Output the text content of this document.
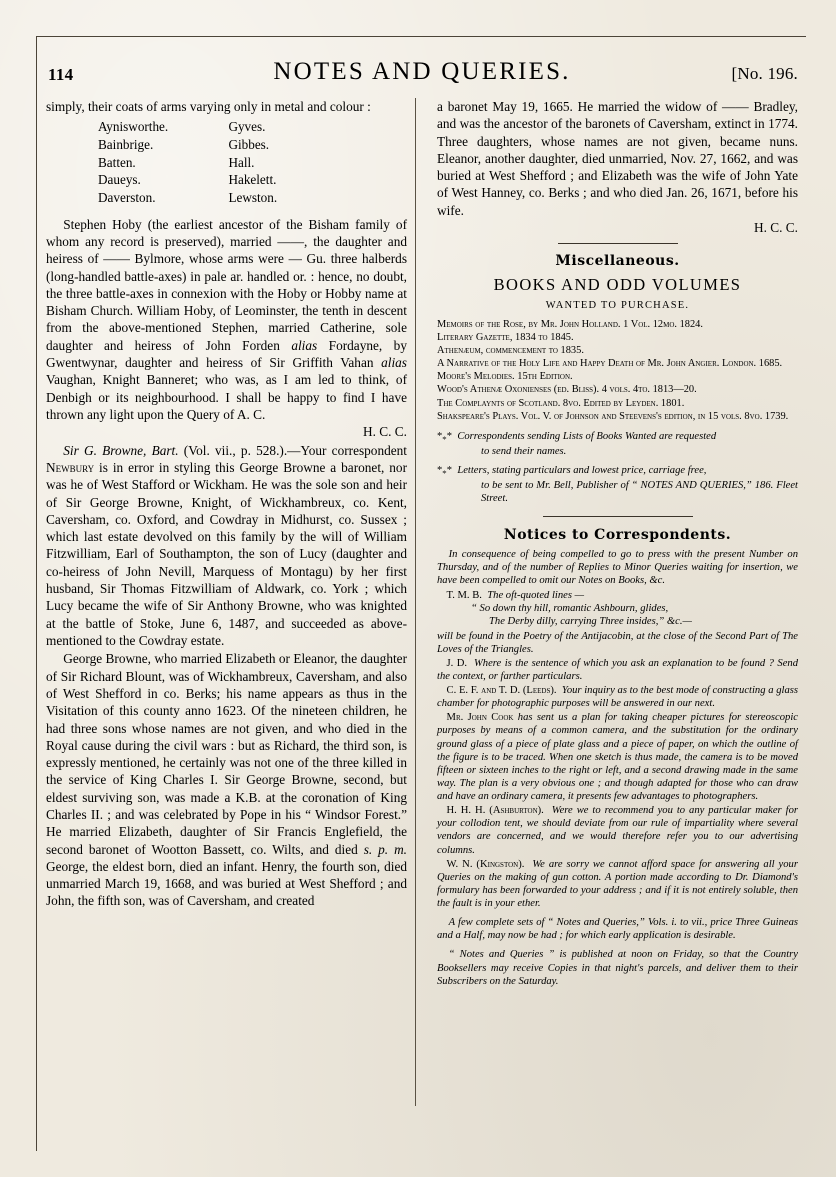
114	NOTES AND QUERIES.	[No. 196.

simply, their coats of arms varying only in metal and colour :

Aynisworthe.	Gyves.
Bainbrige.	Gibbes.
Batten.	Hall.
Daueys.	Hakelett.
Daverston.	Lewston.

Stephen Hoby (the earliest ancestor of the Bisham family of whom any record is preserved), married ——, the daughter and heiress of —— Bylmore, whose arms were — Gu. three halberds (long-handled battle-axes) in pale ar. handled or. : hence, no doubt, the three battle-axes in connexion with the Hoby or Hobby name at Bisham Church. William Hoby, of Leominster, the tenth in descent from the above-mentioned Stephen, married Catherine, sole daughter and heiress of John Forden alias Fordayne, by Gwentwynar, daughter and heiress of Sir Griffith Vahan alias Vaughan, Knight Banneret; who was, as I am led to think, of Denbigh or its neighbourhood. I shall be happy to find I have thrown any light upon the Query of A. C.
H. C. C.

Sir G. Browne, Bart. (Vol. vii., p. 528.).—Your correspondent Newbury is in error in styling this George Browne a baronet, nor was he of West Stafford or Wickham. He was the sole son and heir of Sir George Browne, Knight, of Wickhambreux, co. Kent, Caversham, co. Oxford, and Cowdray in Midhurst, co. Sussex ; which last estate devolved on this family by the will of William Fitzwilliam, Earl of Southampton, the son of Lucy (daughter and co-heiress of John Nevill, Marquess of Montagu) by her first husband, Sir Thomas Fitzwilliam of Aldwark, co. York ; which Lucy became the wife of Sir Anthony Browne, who was knighted at the battle of Stoke, June 6, 1487, and succeeded as above-mentioned to the Cowdray estate.

George Browne, who married Elizabeth or Eleanor, the daughter of Sir Richard Blount, was of Wickhambreux, Caversham, and also of West Shefford in co. Berks; his name appears as thus in the Visitation of this county anno 1623. Of the nineteen children, he had three sons whose names are not given, and who died in the Royal cause during the civil wars : but as Richard, the third son, is expressly mentioned, he certainly was not one of the three killed in the service of King Charles I. Sir George Browne, second, but eldest surviving son, was made a K.B. at the coronation of King Charles II. ; and was celebrated by Pope in his “ Windsor Forest.” He married Elizabeth, daughter of Sir Francis Englefield, the second baronet of Wootton Bassett, co. Wilts, and died s. p. m. George, the eldest born, died an infant. Henry, the fourth son, died unmarried March 19, 1668, and was buried at West Shefford ; and John, the fifth son, was of Caversham, and created

a baronet May 19, 1665. He married the widow of —— Bradley, and was the ancestor of the baronets of Caversham, extinct in 1774. Three daughters, whose names are not given, became nuns. Eleanor, another daughter, died unmarried, Nov. 27, 1662, and was buried at West Shefford ; and Elizabeth was the wife of John Yate of West Hanney, co. Berks ; and who died Jan. 26, 1671, before his wife.
H. C. C.

Miscellaneous.
BOOKS AND ODD VOLUMES
WANTED TO PURCHASE.
Memoirs of the Rose, by Mr. John Holland. 1 Vol. 12mo. 1824.
Literary Gazette, 1834 to 1845.
Athenæum, commencement to 1835.
A Narrative of the Holy Life and Happy Death of Mr. John Angier. London. 1685.
Moore's Melodies. 15th Edition.
Wood's Athenæ Oxonienses (ed. Bliss). 4 vols. 4to. 1813—20.
The Complaynts of Scotland. 8vo. Edited by Leyden. 1801.
Shakspeare's Plays. Vol. V. of Johnson and Steevens's edition, in 15 vols. 8vo. 1739.
$*_**$ Correspondents sending Lists of Books Wanted are requested
to send their names.
$*_**$ Letters, stating particulars and lowest price, carriage free,
to be sent to Mr. Bell, Publisher of “ NOTES AND QUERIES,” 186. Fleet Street.
Notices to Correspondents.

In consequence of being compelled to go to press with the present Number on Thursday, and of the number of Replies to Minor Queries waiting for insertion, we have been compelled to omit our Notes on Books, &c.

T. M. B. The oft-quoted lines —

“ So down thy hill, romantic Ashbourn, glides,
The Derby dilly, carrying Three insides,” &c.—

will be found in the Poetry of the Antijacobin, at the close of the Second Part of The Loves of the Triangles.

J. D. Where is the sentence of which you ask an explanation to be found ? Send the context, or farther particulars.

C. E. F. and T. D. (Leeds). Your inquiry as to the best mode of constructing a glass chamber for photographic purposes will be answered in our next.

Mr. John Cook has sent us a plan for taking cheaper pictures for stereoscopic purposes by means of a common camera, and the substitution for the ordinary ground glass of a piece of plate glass and a piece of paper, on which the outline of the figure is to be traced. When one sketch is thus made, the camera is to be moved fifteen or sixteen inches to the right or left, and a second drawing made in the same way. The plan is a very obvious one ; and though adapted for those who can draw and have an ordinary camera, it presents few advantages to photographers.

H. H. H. (Ashburton). Were we to recommend you to any particular maker for your collodion tent, we should deviate from our rule of impartiality where several vendors are concerned, and we would therefore refer you to our advertising columns.

W. N. (Kingston). We are sorry we cannot afford space for answering all your Queries on the making of gun cotton. A portion made according to Dr. Diamond's formulary has been forwarded to your address ; and if it is not entirely soluble, then the fault is in your ether.

A few complete sets of “ Notes and Queries,” Vols. i. to vii., price Three Guineas and a Half, may now be had ; for which early application is desirable.

“ Notes and Queries ” is published at noon on Friday, so that the Country Booksellers may receive Copies in that night's parcels, and deliver them to their Subscribers on the Saturday.
